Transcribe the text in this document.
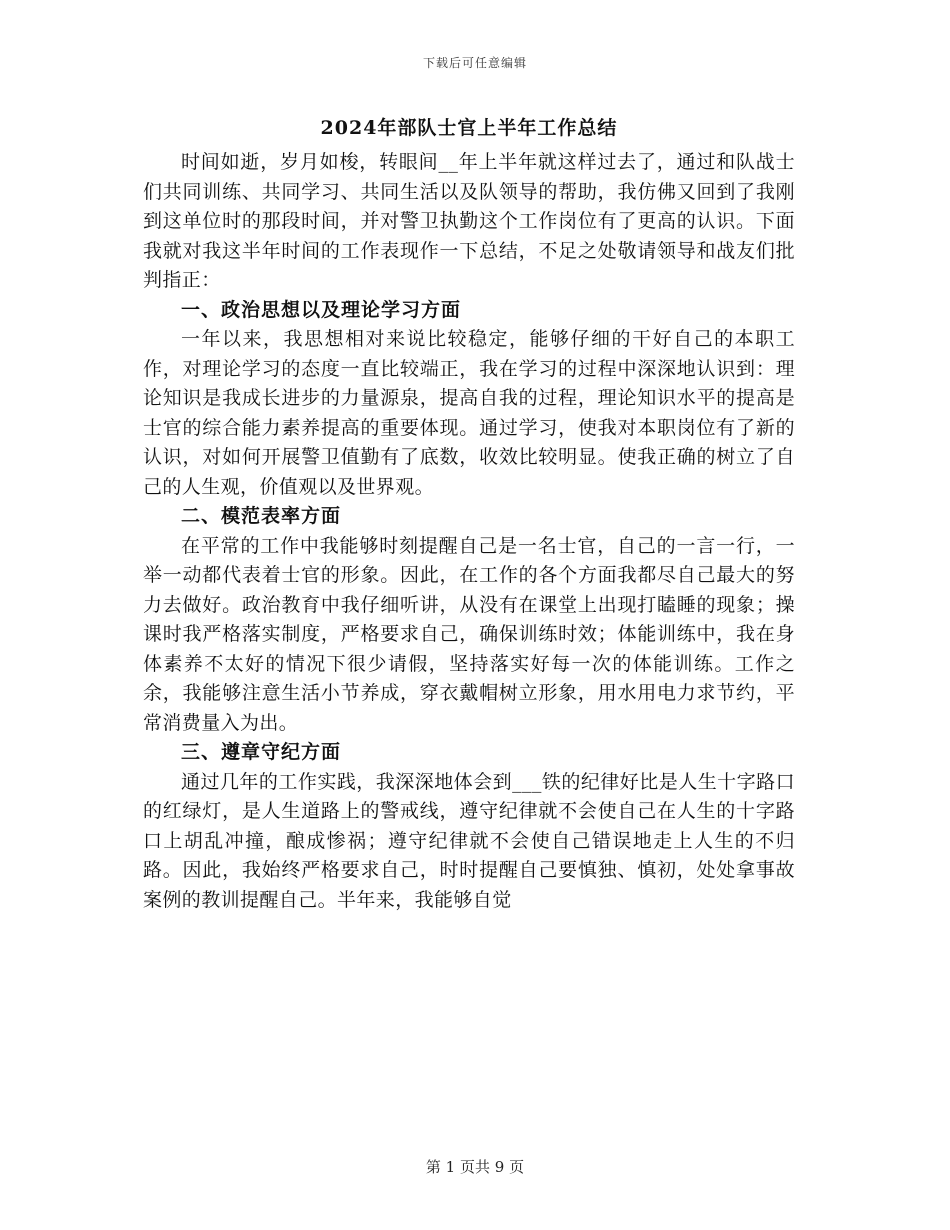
下载后可任意编辑
2024年部队士官上半年工作总结

时间如逝，岁月如梭，转眼间__年上半年就这样过去了，通过和队战士们共同训练、共同学习、共同生活以及队领导的帮助，我仿佛又回到了我刚到这单位时的那段时间，并对警卫执勤这个工作岗位有了更高的认识。下面我就对我这半年时间的工作表现作一下总结，不足之处敬请领导和战友们批判指正：

一、政治思想以及理论学习方面

一年以来，我思想相对来说比较稳定，能够仔细的干好自己的本职工作，对理论学习的态度一直比较端正，我在学习的过程中深深地认识到：理论知识是我成长进步的力量源泉，提高自我的过程，理论知识水平的提高是士官的综合能力素养提高的重要体现。通过学习，使我对本职岗位有了新的认识，对如何开展警卫值勤有了底数，收效比较明显。使我正确的树立了自己的人生观，价值观以及世界观。

二、模范表率方面

在平常的工作中我能够时刻提醒自己是一名士官，自己的一言一行，一举一动都代表着士官的形象。因此，在工作的各个方面我都尽自己最大的努力去做好。政治教育中我仔细听讲，从没有在课堂上出现打瞌睡的现象；操课时我严格落实制度，严格要求自己，确保训练时效；体能训练中，我在身体素养不太好的情况下很少请假，坚持落实好每一次的体能训练。工作之余，我能够注意生活小节养成，穿衣戴帽树立形象，用水用电力求节约，平常消费量入为出。

三、遵章守纪方面

通过几年的工作实践，我深深地体会到___铁的纪律好比是人生十字路口的红绿灯，是人生道路上的警戒线，遵守纪律就不会使自己在人生的十字路口上胡乱冲撞，酿成惨祸；遵守纪律就不会使自己错误地走上人生的不归路。因此，我始终严格要求自己，时时提醒自己要慎独、慎初，处处拿事故案例的教训提醒自己。半年来，我能够自觉

第 1 页共 9 页
